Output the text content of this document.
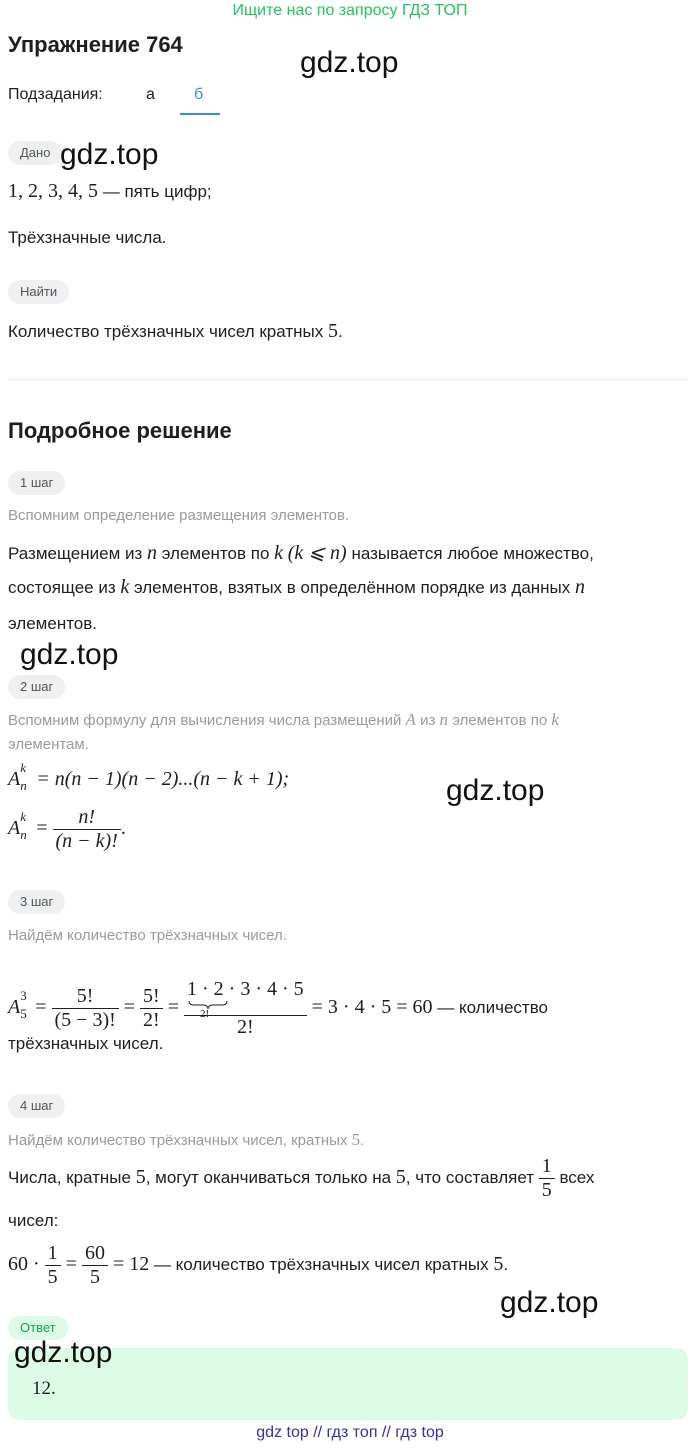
Ищите нас по запросу ГДЗ ТОП
Упражнение 764
gdz.top
Подзадания:	а б
Дано gdz.top
1, 2, 3, 4, 5 — пять цифр;
Трёхзначные числа.
Найти
Количество трёхзначных чисел кратных 5.
Подробное решение
1 шаг
Вспомним определение размещения элементов.
Размещением из n элементов по k (k ⩽ n) называется любое множество,
состоящее из k элементов, взятых в определённом порядке из данных n
элементов.
gdz.top
2 шаг
Вспомним формулу для вычисления числа размещений A из n элементов по k
элементам.
A
k
n = n(n − 1)(n − 2)...(n − k + 1);	gdz.top
A
k
$n = \frac{n!}{(n - k)!}$ .
3 шаг
Найдём количество трёхзначных чисел.
A
3
$5 = \frac{5!}{(5 - 3)!} = \frac{5!}{2!} = 1 \cdot 2 \cdot 3 \cdot 4 \cdot 5$
2!
2! = 3 · 4 · 5 = 60 — количество
трёхзначных чисел.
4 шаг
Найдём количество трёхзначных чисел, кратных 5.
Числа, кратные 5, могут оканчиваться только на 5, что составляет $\frac{1}{5}$ всех
чисел:
$60 \cdot \frac{1}{5} = \frac{60}{5} = 12$ — количество трёхзначных чисел кратных 5.
gdz.top
Ответ
gdz.top
12.
gdz top // гдз топ // гдз top
